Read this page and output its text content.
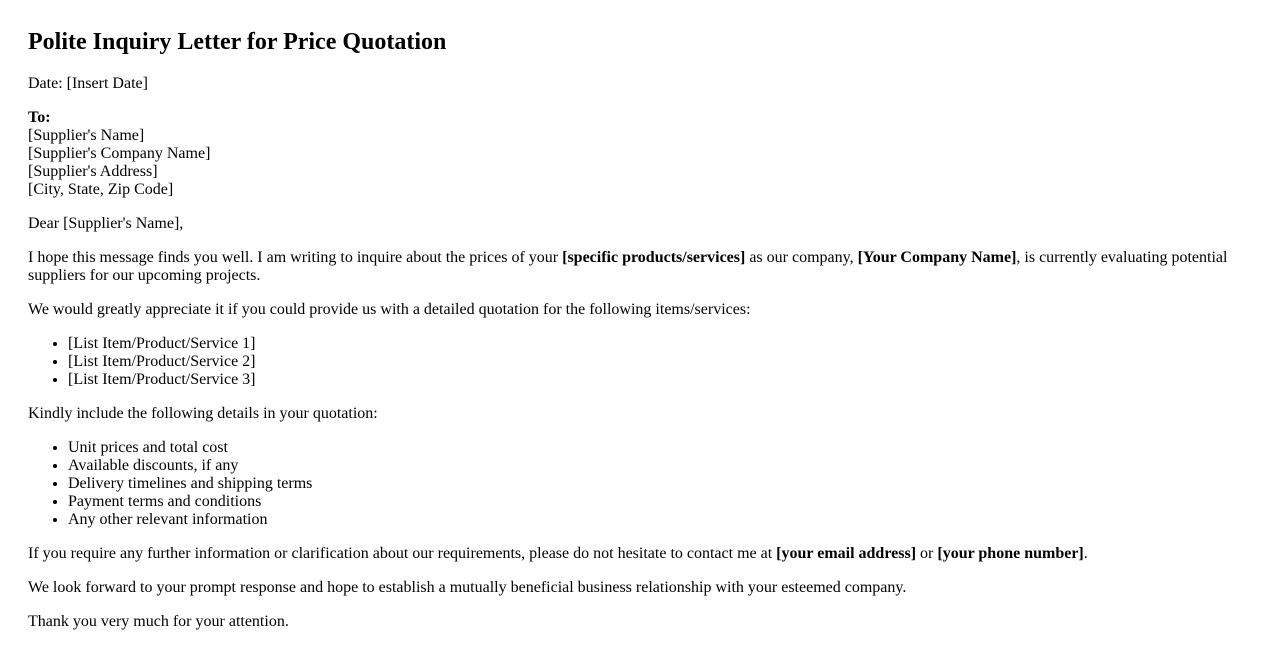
Polite Inquiry Letter for Price Quotation

Date: [Insert Date]

To:
[Supplier's Name]
[Supplier's Company Name]
[Supplier's Address]
[City, State, Zip Code]

Dear [Supplier's Name],

I hope this message finds you well. I am writing to inquire about the prices of your [specific products/services] as our company, [Your Company Name], is currently evaluating potential suppliers for our upcoming projects.

We would greatly appreciate it if you could provide us with a detailed quotation for the following items/services:

• [List Item/Product/Service 1]
• [List Item/Product/Service 2]
• [List Item/Product/Service 3]

Kindly include the following details in your quotation:

• Unit prices and total cost
• Available discounts, if any
• Delivery timelines and shipping terms
• Payment terms and conditions
• Any other relevant information

If you require any further information or clarification about our requirements, please do not hesitate to contact me at [your email address] or [your phone number].

We look forward to your prompt response and hope to establish a mutually beneficial business relationship with your esteemed company.

Thank you very much for your attention.
